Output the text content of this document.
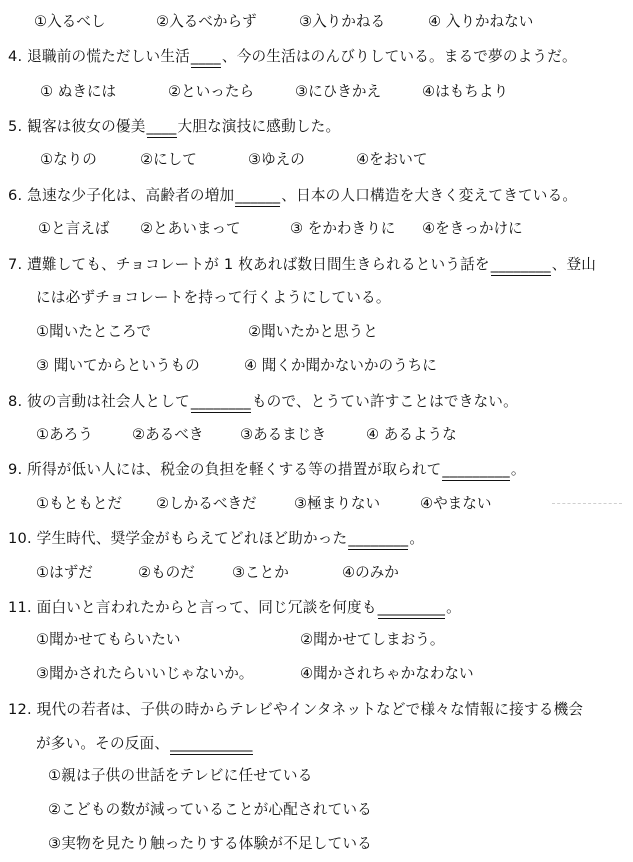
①入るべし	②入るべからず	③入りかねる	④ 入りかねない
4. 退職前の慌ただしい生活____、今の生活はのんびりしている。まるで夢のようだ。
① ぬきには	②といったら	③にひきかえ	④はもちより
5. 観客は彼女の優美____大胆な演技に感動した。
①なりの	②にして	③ゆえの	④をおいて
6. 急速な少子化は、高齢者の増加______、日本の人口構造を大きく変えてきている。
①と言えば ②とあいまって	③ をかわきりに ④をきっかけに
7. 遭難しても、チョコレートが 1 枚あれば数日間生きられるという話を________、登山
には必ずチョコレートを持って行くようにしている。
①聞いたところで	②聞いたかと思うと
③ 聞いてからというもの	④ 聞くか聞かないかのうちに
8. 彼の言動は社会人として________もので、とうてい許すことはできない。
①あろう	②あるべき	③あるまじき	④ あるような
9. 所得が低い人には、税金の負担を軽くする等の措置が取られて_________。
①もともとだ ②しかるべきだ	③極まりない	④やまない
10. 学生時代、奨学金がもらえてどれほど助かった________。
①はずだ	②ものだ	③ことか	④のみか
11. 面白いと言われたからと言って、同じ冗談を何度も_________。
①聞かせてもらいたい	②聞かせてしまおう。
③聞かされたらいいじゃないか。	④聞かされちゃかなわない
12. 現代の若者は、子供の時からテレビやインタネットなどで様々な情報に接する機会
が多い。その反面、___________
①親は子供の世話をテレビに任せている
②こどもの数が減っていることが心配されている
③実物を見たり触ったりする体験が不足している
